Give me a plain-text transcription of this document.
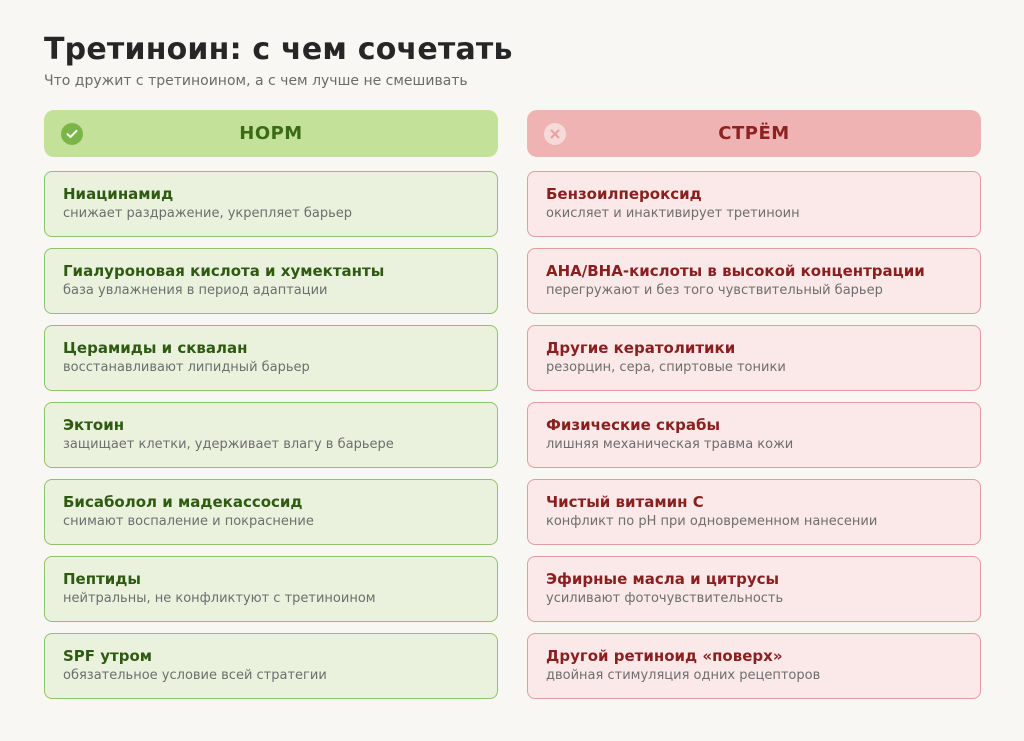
Третиноин: с чем сочетать
Что дружит с третиноином, а с чем лучше не смешивать
НОРМ
Ниацинамид
снижает раздражение, укрепляет барьер
Гиалуроновая кислота и хумектанты
база увлажнения в период адаптации
Церамиды и сквалан
восстанавливают липидный барьер
Эктоин
защищает клетки, удерживает влагу в барьере
Бисаболол и мадекассосид
снимают воспаление и покраснение
Пептиды
нейтральны, не конфликтуют с третиноином
SPF утром
обязательное условие всей стратегии
СТРЁМ
Бензоилпероксид
окисляет и инактивирует третиноин
AHA/BHA-кислоты в высокой концентрации
перегружают и без того чувствительный барьер
Другие кератолитики
резорцин, сера, спиртовые тоники
Физические скрабы
лишняя механическая травма кожи
Чистый витамин С
конфликт по pH при одновременном нанесении
Эфирные масла и цитрусы
усиливают фоточувствительность
Другой ретиноид «поверх»
двойная стимуляция одних рецепторов
